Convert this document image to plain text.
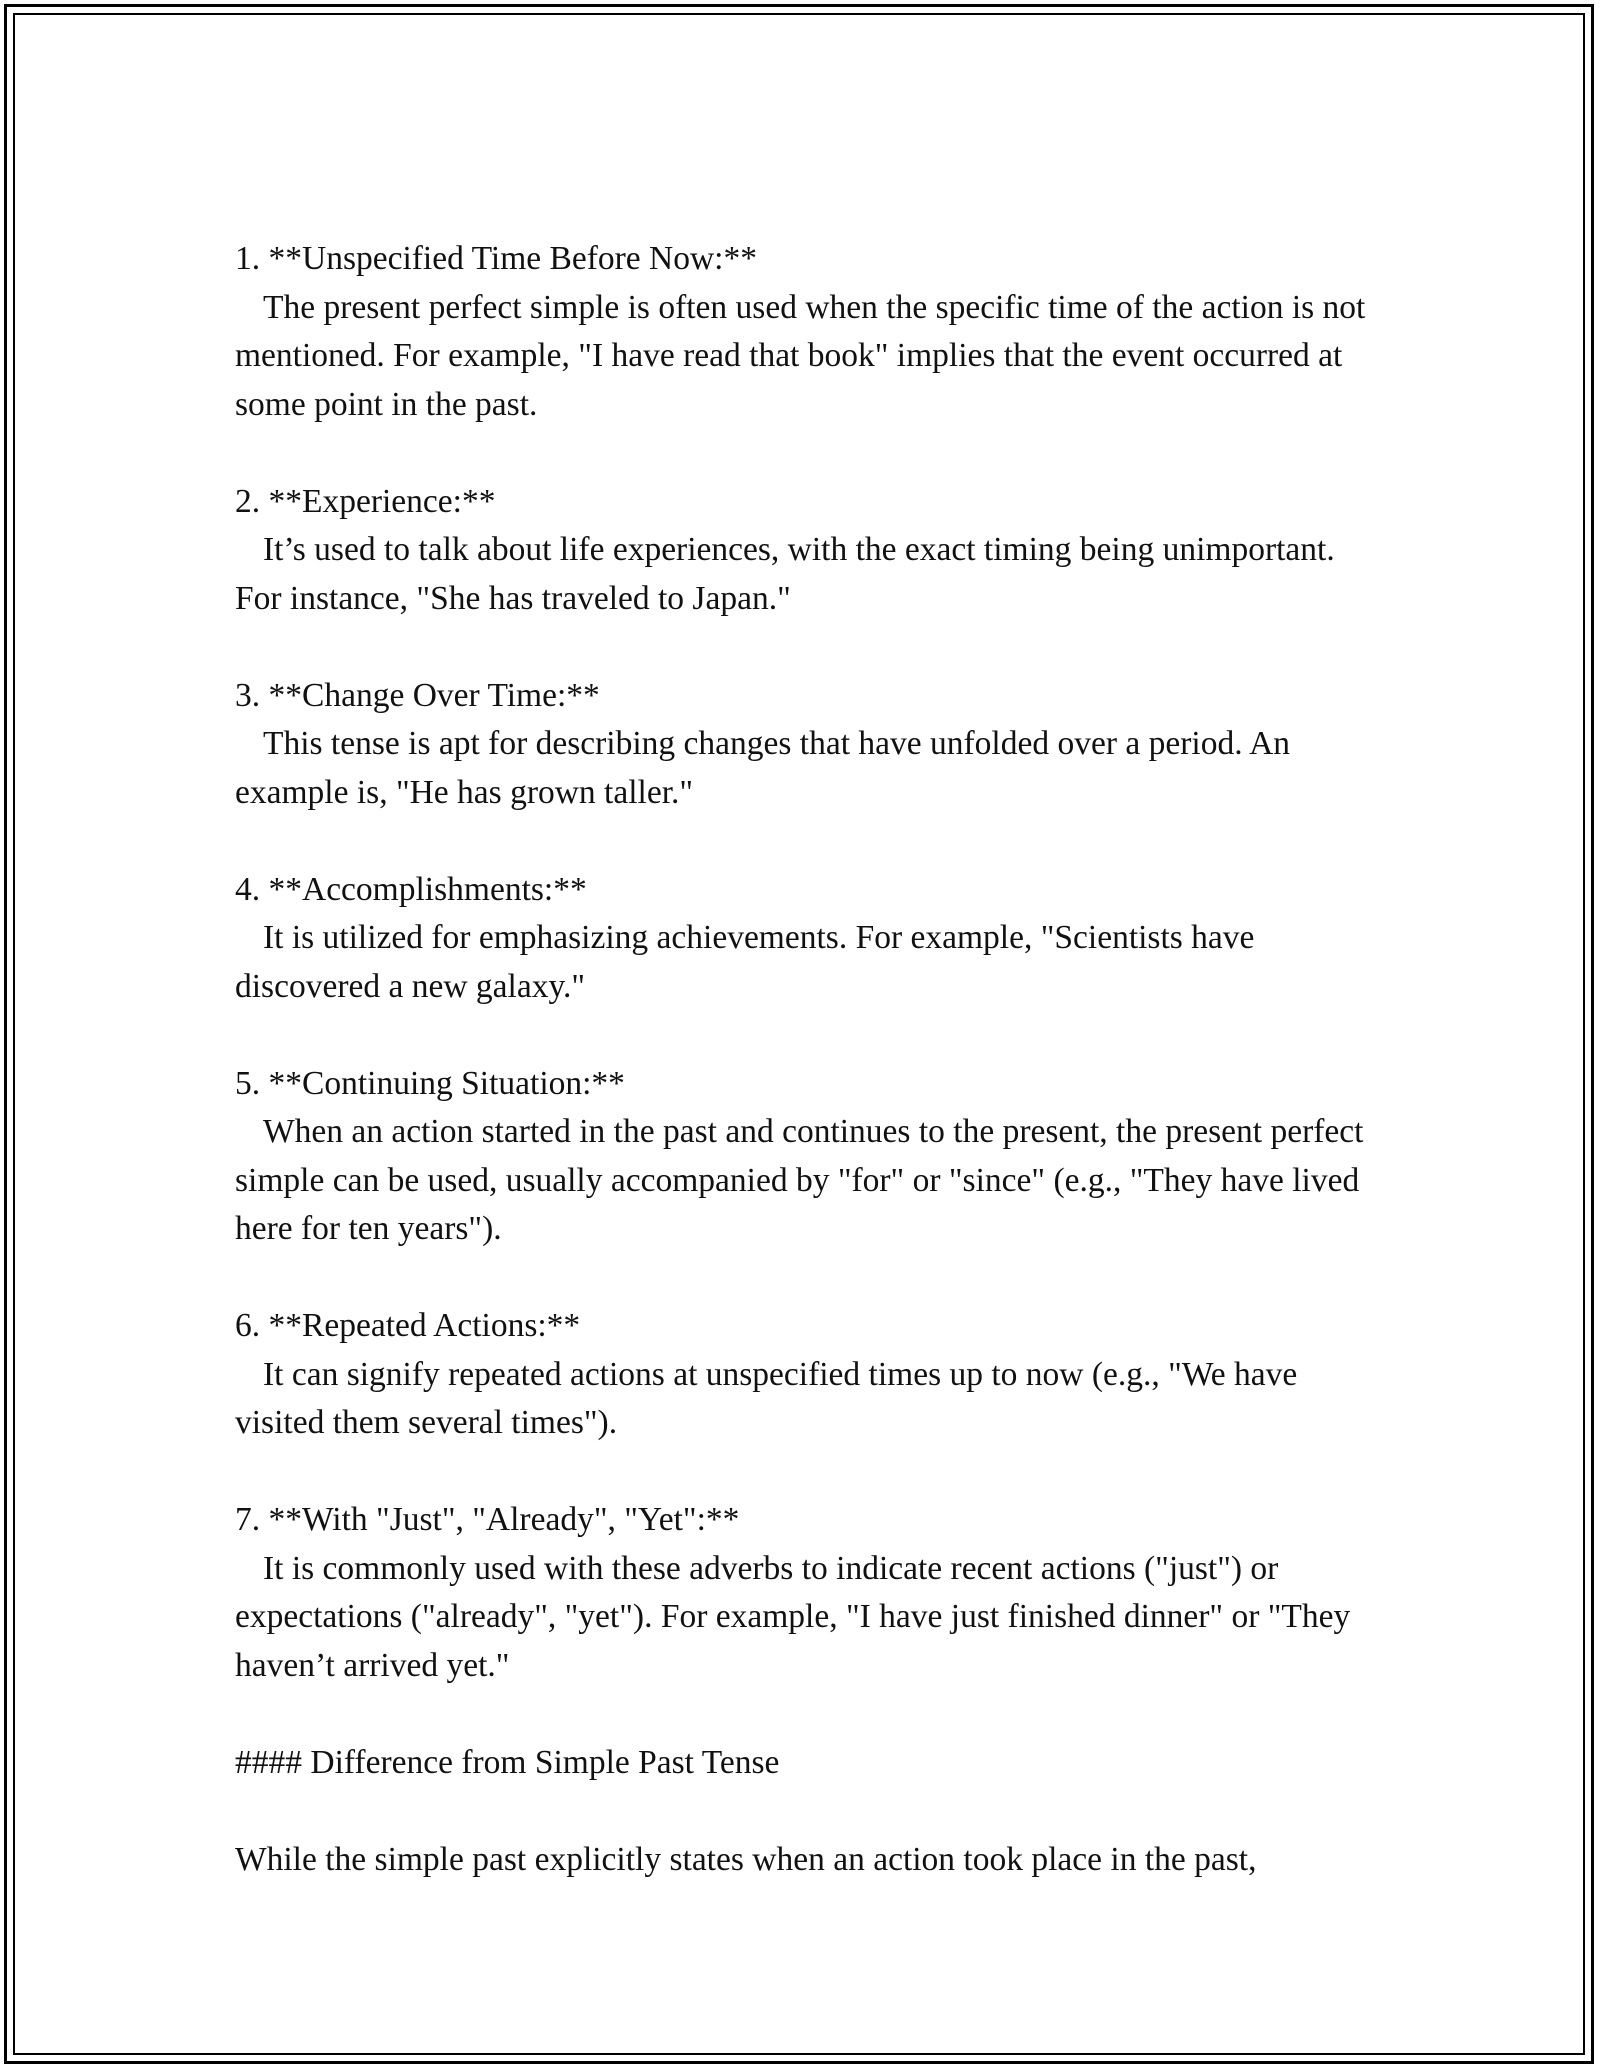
1. **Unspecified Time Before Now:**
The present perfect simple is often used when the specific time of the action is not mentioned. For example, "I have read that book" implies that the event occurred at some point in the past.
2. **Experience:**
It’s used to talk about life experiences, with the exact timing being unimportant. For instance, "She has traveled to Japan."
3. **Change Over Time:**
This tense is apt for describing changes that have unfolded over a period. An example is, "He has grown taller."
4. **Accomplishments:**
It is utilized for emphasizing achievements. For example, "Scientists have discovered a new galaxy."
5. **Continuing Situation:**
When an action started in the past and continues to the present, the present perfect simple can be used, usually accompanied by "for" or "since" (e.g., "They have lived here for ten years").
6. **Repeated Actions:**
It can signify repeated actions at unspecified times up to now (e.g., "We have visited them several times").
7. **With "Just", "Already", "Yet":**
It is commonly used with these adverbs to indicate recent actions ("just") or expectations ("already", "yet"). For example, "I have just finished dinner" or "They haven’t arrived yet."
#### Difference from Simple Past Tense
While the simple past explicitly states when an action took place in the past,
